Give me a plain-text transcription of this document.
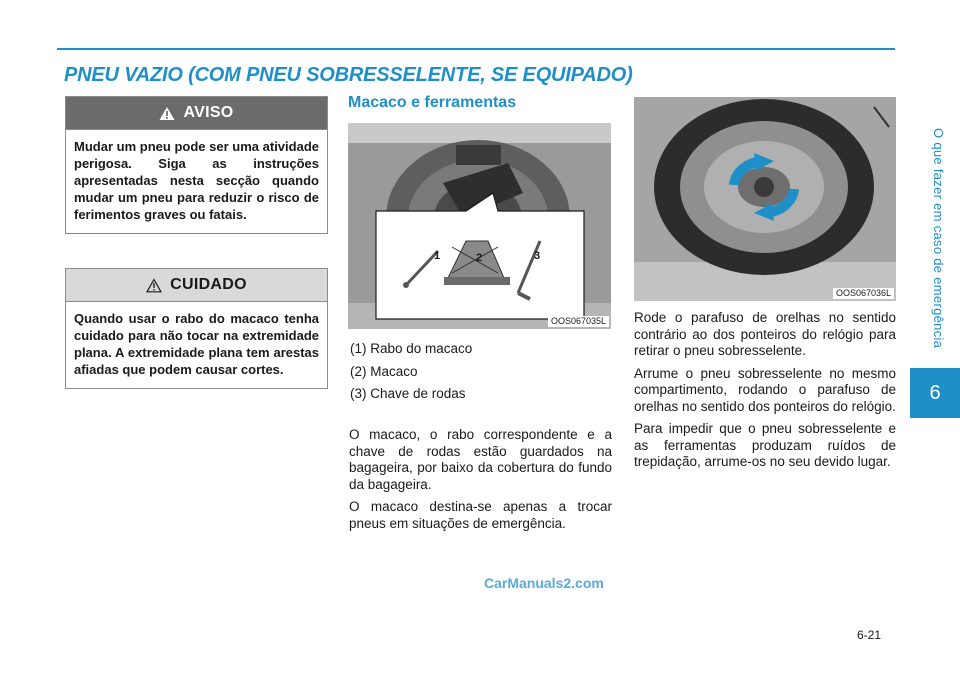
PNEU VAZIO (COM PNEU SOBRESSELENTE, SE EQUIPADO)
O que fazer em caso de emergência
6
AVISO
Mudar um pneu pode ser uma atividade perigosa. Siga as instruções apresentadas nesta secção quando mudar um pneu para reduzir o risco de ferimentos graves ou fatais.
CUIDADO
Quando usar o rabo do macaco tenha cuidado para não tocar na extremidade plana. A extremidade plana tem arestas afiadas que podem causar cortes.
Macaco e ferramentas
1	2	3
OOS067035L

(1) Rabo do macaco

(2) Macaco

(3) Chave de rodas

O macaco, o rabo correspondente e a chave de rodas estão guardados na bagageira, por baixo da cobertura do fundo da bagageira.

O macaco destina-se apenas a trocar pneus em situações de emergência.

OOS067036L

Rode o parafuso de orelhas no sentido contrário ao dos ponteiros do relógio para retirar o pneu sobresselente.

Arrume o pneu sobresselente no mesmo compartimento, rodando o parafuso de orelhas no sentido dos ponteiros do relógio.

Para impedir que o pneu sobresselente e as ferramentas produzam ruídos de trepidação, arrume-os no seu devido lugar.

CarManuals2.com
6-21
